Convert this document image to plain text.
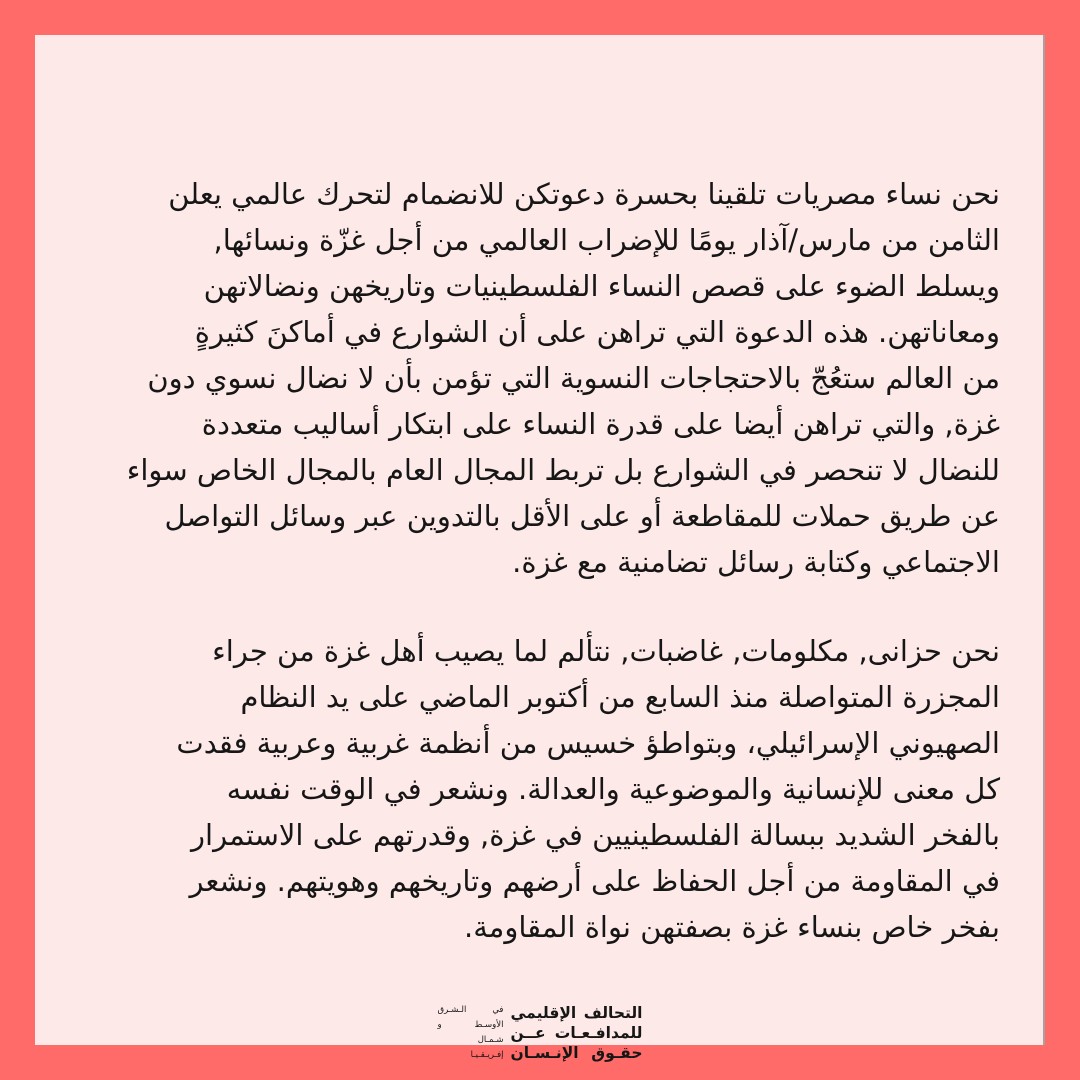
نحن نساء مصريات تلقينا بحسرة دعوتكن للانضمام لتحرك عالمي يعلن
الثامن من مارس/آذار يومًا للإضراب العالمي من أجل غزّة ونسائها,
ويسلط الضوء على قصص النساء الفلسطينيات وتاريخهن ونضالاتهن
ومعاناتهن. هذه الدعوة التي تراهن على أن الشوارع في أماكنَ كثيرةٍ
من العالم ستعُجّ بالاحتجاجات النسوية التي تؤمن بأن لا نضال نسوي دون
غزة, والتي تراهن أيضا على قدرة النساء على ابتكار أساليب متعددة
للنضال لا تنحصر في الشوارع بل تربط المجال العام بالمجال الخاص سواء
عن طريق حملات للمقاطعة أو على الأقل بالتدوين عبر وسائل التواصل
الاجتماعي وكتابة رسائل تضامنية مع غزة.
نحن حزانى, مكلومات, غاضبات, نتألم لما يصيب أهل غزة من جراء
المجزرة المتواصلة منذ السابع من أكتوبر الماضي على يد النظام
الصهيوني الإسرائيلي، وبتواطؤ خسيس من أنظمة غربية وعربية فقدت
كل معنى للإنسانية والموضوعية والعدالة. ونشعر في الوقت نفسه
بالفخر الشديد ببسالة الفلسطينيين في غزة, وقدرتهم على الاستمرار
في المقاومة من أجل الحفاظ على أرضهم وتاريخهم وهويتهم. ونشعر
بفخر خاص بنساء غزة بصفتهن نواة المقاومة.
التحالف الإقليمي
للمدافـعـات عــن
حقـوق الإنـسـان
في الـشـرق
الأوسـط و
شـمـال
إفـريـقـيـا
